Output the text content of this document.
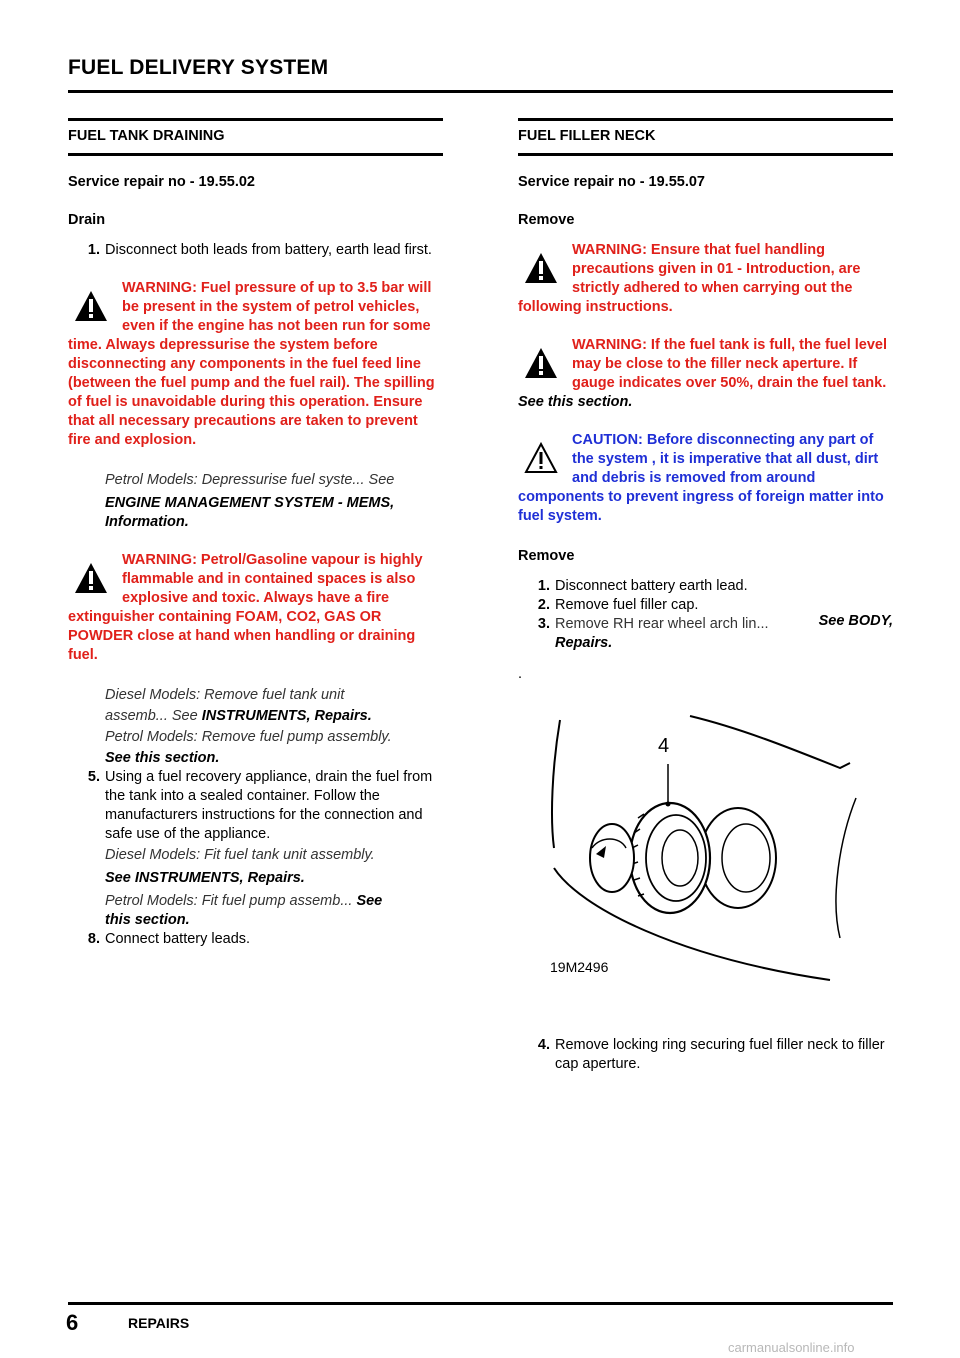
FUEL DELIVERY SYSTEM
FUEL TANK DRAINING

Service repair no - 19.55.02

Drain

1. Disconnect both leads from battery, earth lead first.
WARNING: Fuel pressure of up to 3.5 bar will be present in the system of petrol vehicles, even if the engine has not been run for some time. Always depressurise the system before disconnecting any components in the fuel feed line (between the fuel pump and the fuel rail). The spilling of fuel is unavoidable during this operation. Ensure that all necessary precautions are taken to prevent fire and explosion.
Petrol Models: Depressurise fuel syste... See
ENGINE MANAGEMENT SYSTEM - MEMS,
Information.
WARNING: Petrol/Gasoline vapour is highly flammable and in contained spaces is also explosive and toxic. Always have a fire extinguisher containing FOAM, CO2, GAS OR POWDER close at hand when handling or draining fuel.
Diesel Models: Remove fuel tank unit
assemb... See INSTRUMENTS, Repairs.
Petrol Models: Remove fuel pump assembly.
See this section.
5. Using a fuel recovery appliance, drain the fuel from the tank into a sealed container. Follow the manufacturers instructions for the connection and safe use of the appliance.
Diesel Models: Fit fuel tank unit assembly.
See INSTRUMENTS, Repairs.
Petrol Models: Fit fuel pump assemb... See
this section.
8. Connect battery leads.
FUEL FILLER NECK

Service repair no - 19.55.07

Remove

WARNING: Ensure that fuel handling precautions given in 01 - Introduction, are strictly adhered to when carrying out the following instructions.
WARNING: If the fuel tank is full, the fuel level may be close to the filler neck aperture. If gauge indicates over 50%, drain the fuel tank. See this section.
CAUTION: Before disconnecting any part of the system , it is imperative that all dust, dirt and debris is removed from around components to prevent ingress of foreign matter into fuel system.

Remove

1. Disconnect battery earth lead.
2. Remove fuel filler cap.
3. Remove RH rear wheel arch lin...	See BODY,
Repairs.
.
4
19M2496
4. Remove locking ring securing fuel filler neck to filler cap aperture.
6	REPAIRS
carmanualsonline.info
